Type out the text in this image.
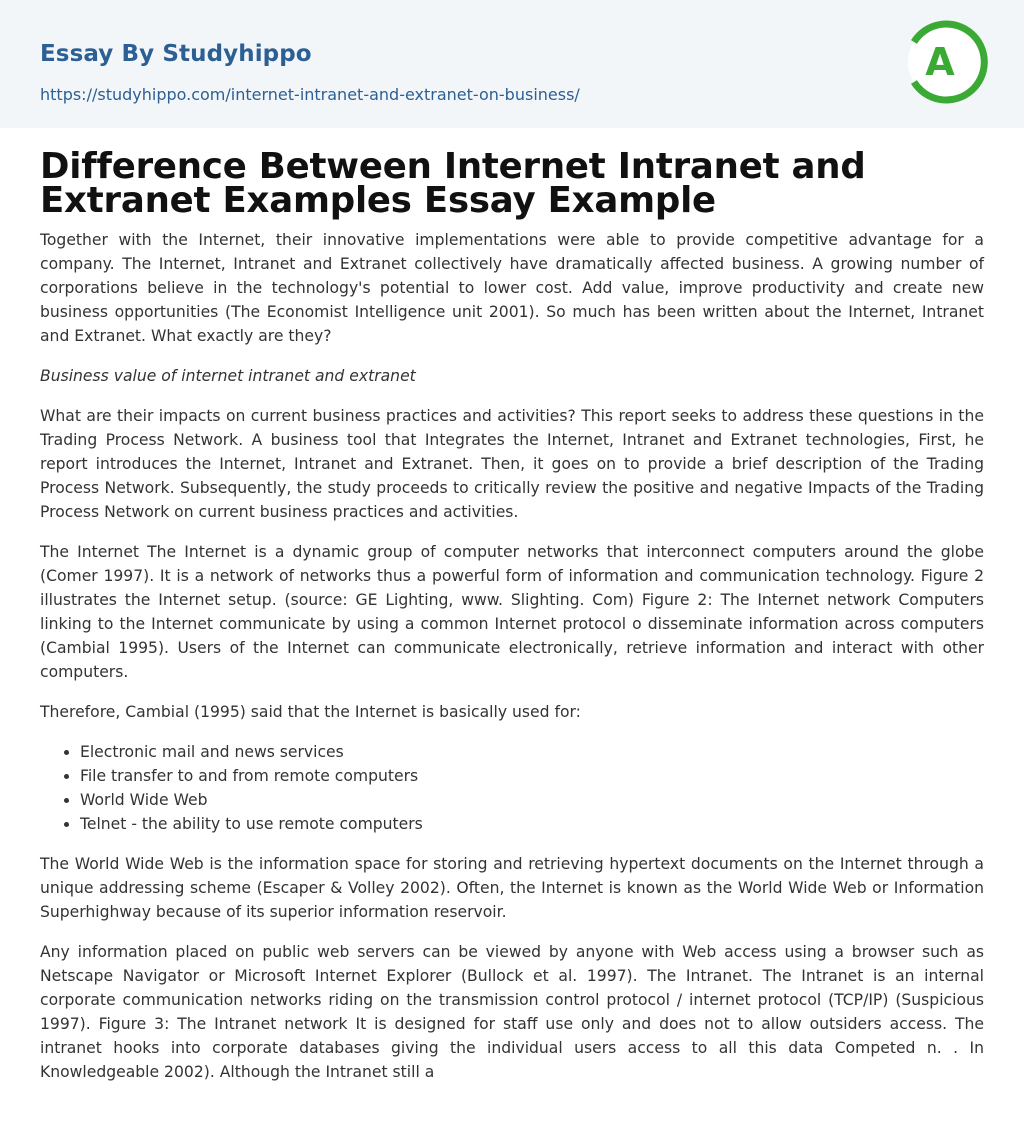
Essay By Studyhippo
https://studyhippo.com/internet-intranet-and-extranet-on-business/
A
Difference Between Internet Intranet and Extranet Examples Essay Example

Together with the Internet, their innovative implementations were able to provide competitive advantage for a company. The Internet, Intranet and Extranet collectively have dramatically affected business. A growing number of corporations believe in the technology's potential to lower cost. Add value, improve productivity and create new business opportunities (The Economist Intelligence unit 2001). So much has been written about the Internet, Intranet and Extranet. What exactly are they?

Business value of internet intranet and extranet

What are their impacts on current business practices and activities? This report seeks to address these questions in the Trading Process Network. A business tool that Integrates the Internet, Intranet and Extranet technologies, First, he report introduces the Internet, Intranet and Extranet. Then, it goes on to provide a brief description of the Trading Process Network. Subsequently, the study proceeds to critically review the positive and negative Impacts of the Trading Process Network on current business practices and activities.

The Internet The Internet is a dynamic group of computer networks that interconnect computers around the globe (Comer 1997). It is a network of networks thus a powerful form of information and communication technology. Figure 2 illustrates the Internet setup. (source: GE Lighting, www. Slighting. Com) Figure 2: The Internet network Computers linking to the Internet communicate by using a common Internet protocol o disseminate information across computers (Cambial 1995). Users of the Internet can communicate electronically, retrieve information and interact with other computers.

Therefore, Cambial (1995) said that the Internet is basically used for:

• Electronic mail and news services
• File transfer to and from remote computers
• World Wide Web
• Telnet - the ability to use remote computers

The World Wide Web is the information space for storing and retrieving hypertext documents on the Internet through a unique addressing scheme (Escaper & Volley 2002). Often, the Internet is known as the World Wide Web or Information Superhighway because of its superior information reservoir.

Any information placed on public web servers can be viewed by anyone with Web access using a browser such as Netscape Navigator or Microsoft Internet Explorer (Bullock et al. 1997). The Intranet. The Intranet is an internal corporate communication networks riding on the transmission control protocol / internet protocol (TCP/IP) (Suspicious 1997). Figure 3: The Intranet network It is designed for staff use only and does not to allow outsiders access. The intranet hooks into corporate databases giving the individual users access to all this data Competed n. . In Knowledgeable 2002). Although the Intranet still a
